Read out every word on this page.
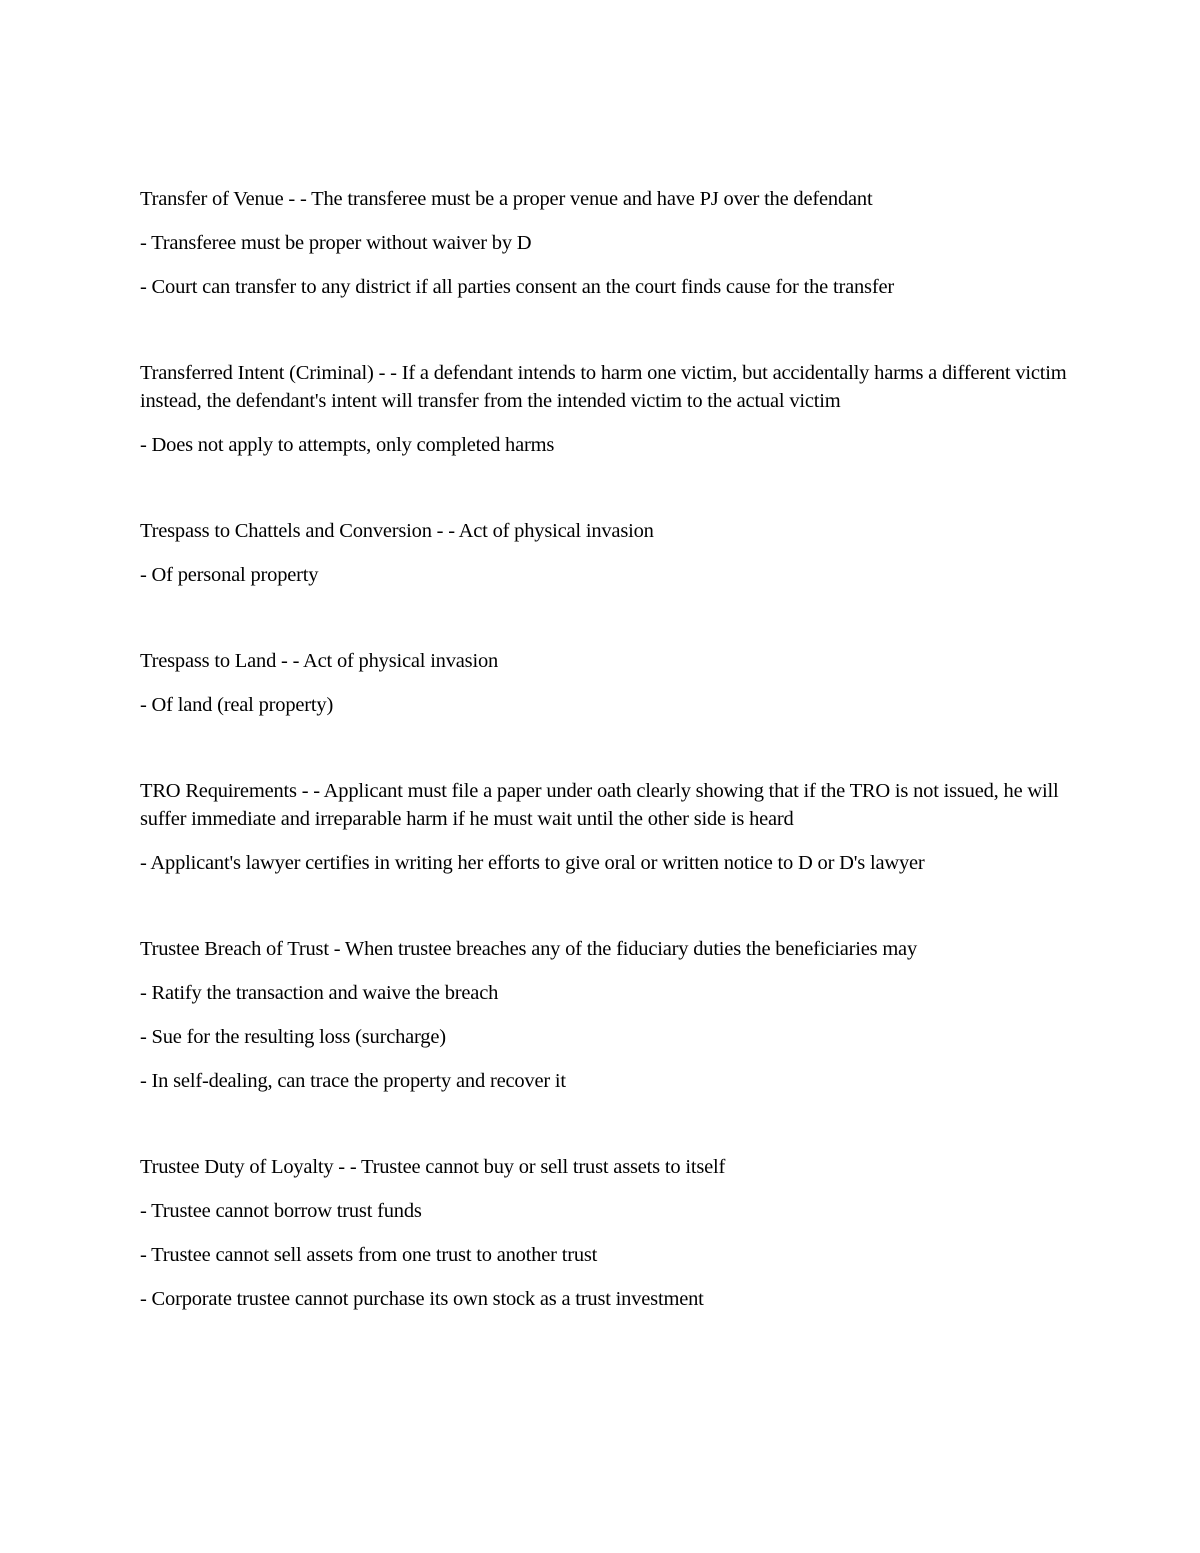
Transfer of Venue - - The transferee must be a proper venue and have PJ over the defendant

- Transferee must be proper without waiver by D

- Court can transfer to any district if all parties consent an the court finds cause for the transfer

Transferred Intent (Criminal) - - If a defendant intends to harm one victim, but accidentally harms a different victim instead, the defendant's intent will transfer from the intended victim to the actual victim

- Does not apply to attempts, only completed harms

Trespass to Chattels and Conversion - - Act of physical invasion

- Of personal property

Trespass to Land - - Act of physical invasion

- Of land (real property)

TRO Requirements - - Applicant must file a paper under oath clearly showing that if the TRO is not issued, he will suffer immediate and irreparable harm if he must wait until the other side is heard

- Applicant's lawyer certifies in writing her efforts to give oral or written notice to D or D's lawyer

Trustee Breach of Trust - When trustee breaches any of the fiduciary duties the beneficiaries may

- Ratify the transaction and waive the breach

- Sue for the resulting loss (surcharge)

- In self-dealing, can trace the property and recover it

Trustee Duty of Loyalty - - Trustee cannot buy or sell trust assets to itself

- Trustee cannot borrow trust funds

- Trustee cannot sell assets from one trust to another trust

- Corporate trustee cannot purchase its own stock as a trust investment
